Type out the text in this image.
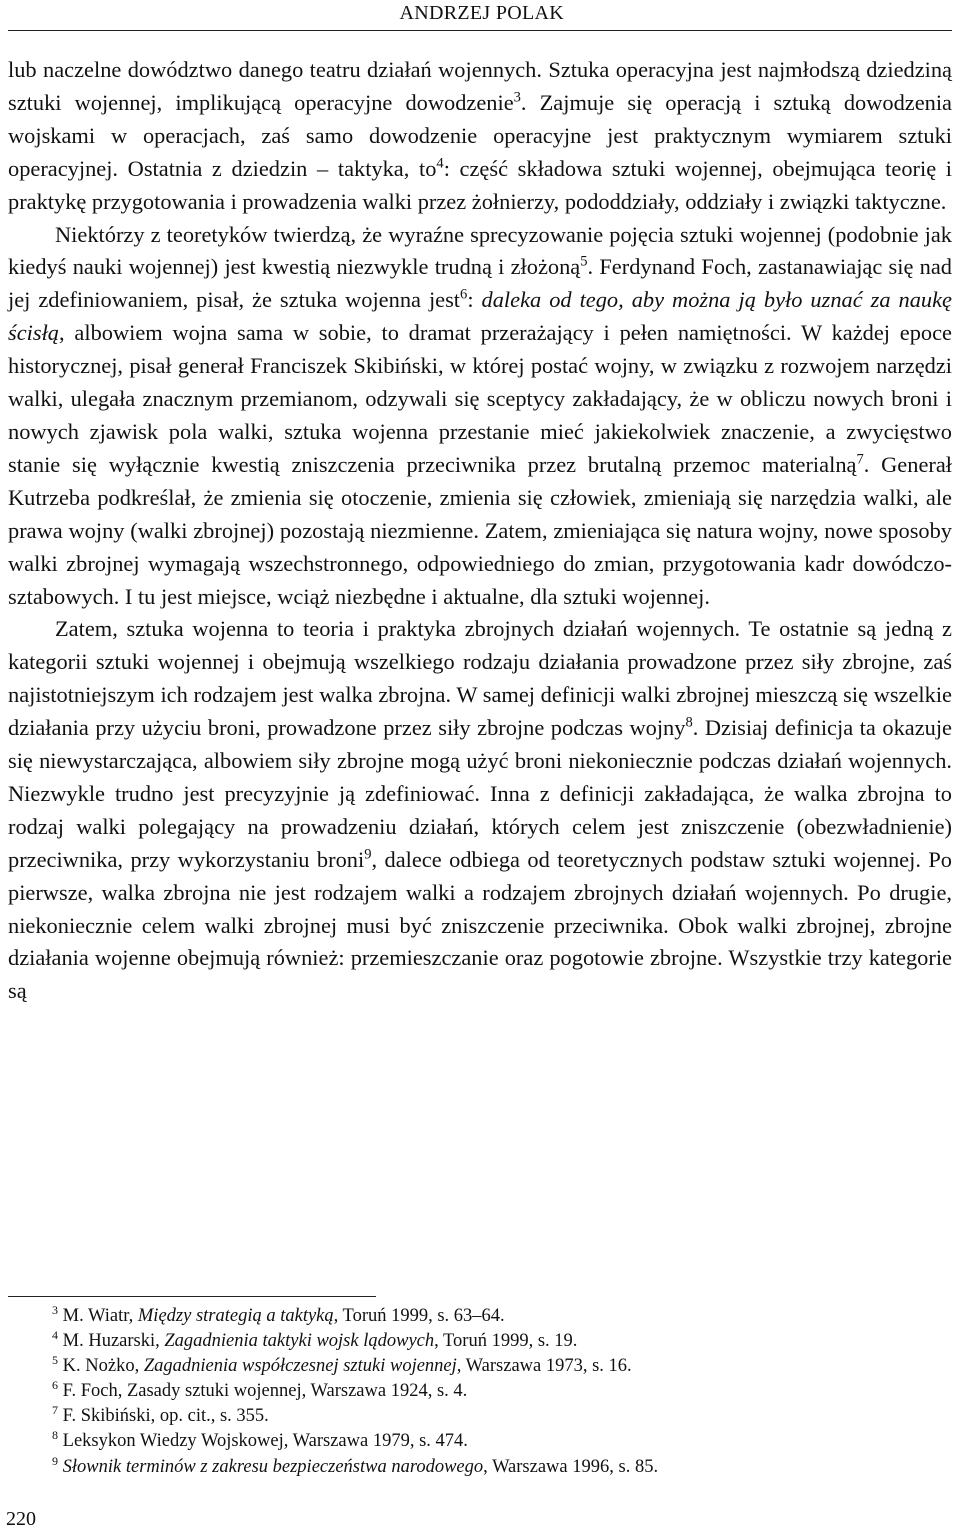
ANDRZEJ POLAK

lub naczelne dowództwo danego teatru działań wojennych. Sztuka operacyjna jest najmłodszą dziedziną sztuki wojennej, implikującą operacyjne dowodzenie$^3$. Zajmuje się operacją i sztuką dowodzenia wojskami w operacjach, zaś samo dowodzenie operacyjne jest praktycznym wymiarem sztuki operacyjnej. Ostatnia z dziedzin – taktyka, $to^4$: część składowa sztuki wojennej, obejmująca teorię i praktykę przygotowania i prowadzenia walki przez żołnierzy, pododdziały, oddziały i związki taktyczne.

Niektórzy z teoretyków twierdzą, że wyraźne sprecyzowanie pojęcia sztuki wojennej (podobnie jak kiedyś nauki wojennej) jest kwestią niezwykle trudną i złożoną$^5$. Ferdynand Foch, zastanawiając się nad jej zdefiniowaniem, pisał, że sztuka wojenna jest$^6$: daleka od tego, aby można ją było uznać za naukę ścisłą, albowiem wojna sama w sobie, to dramat przerażający i pełen namiętności. W każdej epoce historycznej, pisał generał Franciszek Skibiński, w której postać wojny, w związku z rozwojem narzędzi walki, ulegała znacznym przemianom, odzywali się sceptycy zakładający, że w obliczu nowych broni i nowych zjawisk pola walki, sztuka wojenna przestanie mieć jakiekolwiek znaczenie, a zwycięstwo stanie się wyłącznie kwestią zniszczenia przeciwnika przez brutalną przemoc materialną$^7$. Generał Kutrzeba podkreślał, że zmienia się otoczenie, zmienia się człowiek, zmieniają się narzędzia walki, ale prawa wojny (walki zbrojnej) pozostają niezmienne. Zatem, zmieniająca się natura wojny, nowe sposoby walki zbrojnej wymagają wszechstronnego, odpowiedniego do zmian, przygotowania kadr dowódczo-sztabowych. I tu jest miejsce, wciąż niezbędne i aktualne, dla sztuki wojennej.

Zatem, sztuka wojenna to teoria i praktyka zbrojnych działań wojennych. Te ostatnie są jedną z kategorii sztuki wojennej i obejmują wszelkiego rodzaju działania prowadzone przez siły zbrojne, zaś najistotniejszym ich rodzajem jest walka zbrojna. W samej definicji walki zbrojnej mieszczą się wszelkie działania przy użyciu broni, prowadzone przez siły zbrojne podczas wojny$^8$. Dzisiaj definicja ta okazuje się niewystarczająca, albowiem siły zbrojne mogą użyć broni niekoniecznie podczas działań wojennych. Niezwykle trudno jest precyzyjnie ją zdefiniować. Inna z definicji zakładająca, że walka zbrojna to rodzaj walki polegający na prowadzeniu działań, których celem jest zniszczenie (obezwładnienie) przeciwnika, przy wykorzystaniu broni$^9$, dalece odbiega od teoretycznych podstaw sztuki wojennej. Po pierwsze, walka zbrojna nie jest rodzajem walki a rodzajem zbrojnych działań wojennych. Po drugie, niekoniecznie celem walki zbrojnej musi być zniszczenie przeciwnika. Obok walki zbrojnej, zbrojne działania wojenne obejmują również: przemieszczanie oraz pogotowie zbrojne. Wszystkie trzy kategorie są

$^3$ M. Wiatr, Między strategią a taktyką, Toruń 1999, s. 63–64.
$^4$ M. Huzarski, Zagadnienia taktyki wojsk lądowych, Toruń 1999, s. 19.
$^5$ K. Nożko, Zagadnienia współczesnej sztuki wojennej, Warszawa 1973, s. 16.
$^6$ F. Foch, Zasady sztuki wojennej, Warszawa 1924, s. 4.
$^7$ F. Skibiński, op. cit., s. 355.
$^8$ Leksykon Wiedzy Wojskowej, Warszawa 1979, s. 474.
$^9$ Słownik terminów z zakresu bezpieczeństwa narodowego, Warszawa 1996, s. 85.
220
